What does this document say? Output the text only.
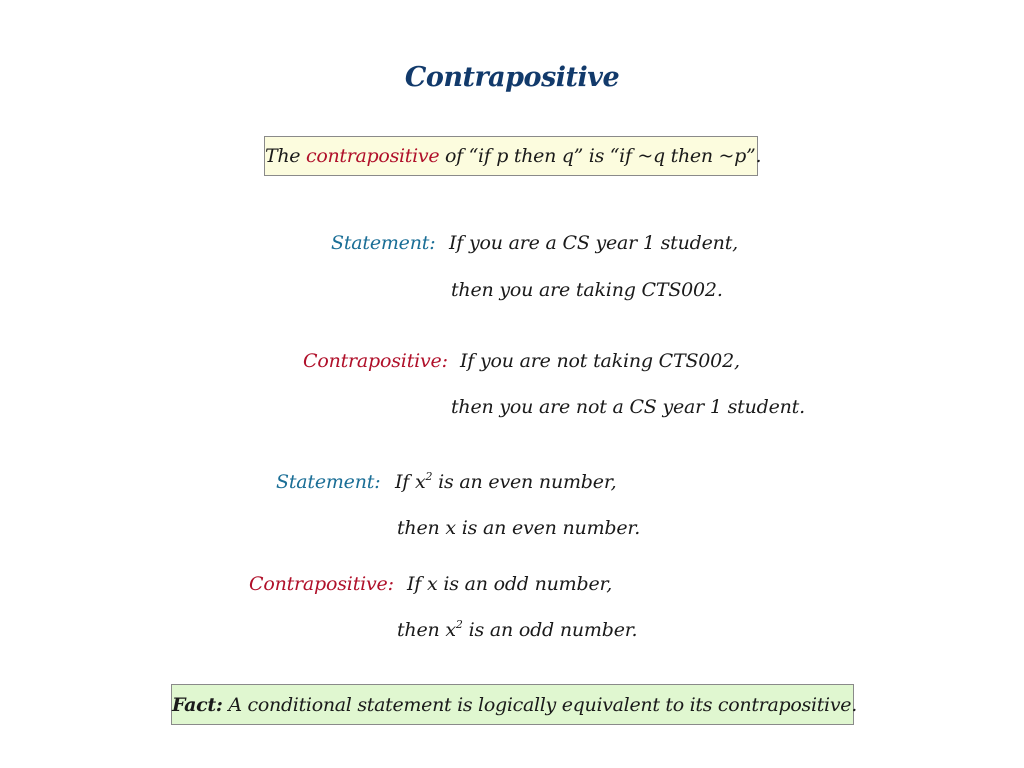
Contrapositive
The contrapositive of “if p then q” is “if ~q then ~p”.
Statement: If you are a CS year 1 student,
then you are taking CTS002.
Contrapositive: If you are not taking CTS002,
then you are not a CS year 1 student.
Statement: If $x^2$ is an even number,
then x is an even number.
Contrapositive: If x is an odd number,
then $x^2$ is an odd number.
Fact: A conditional statement is logically equivalent to its contrapositive.
